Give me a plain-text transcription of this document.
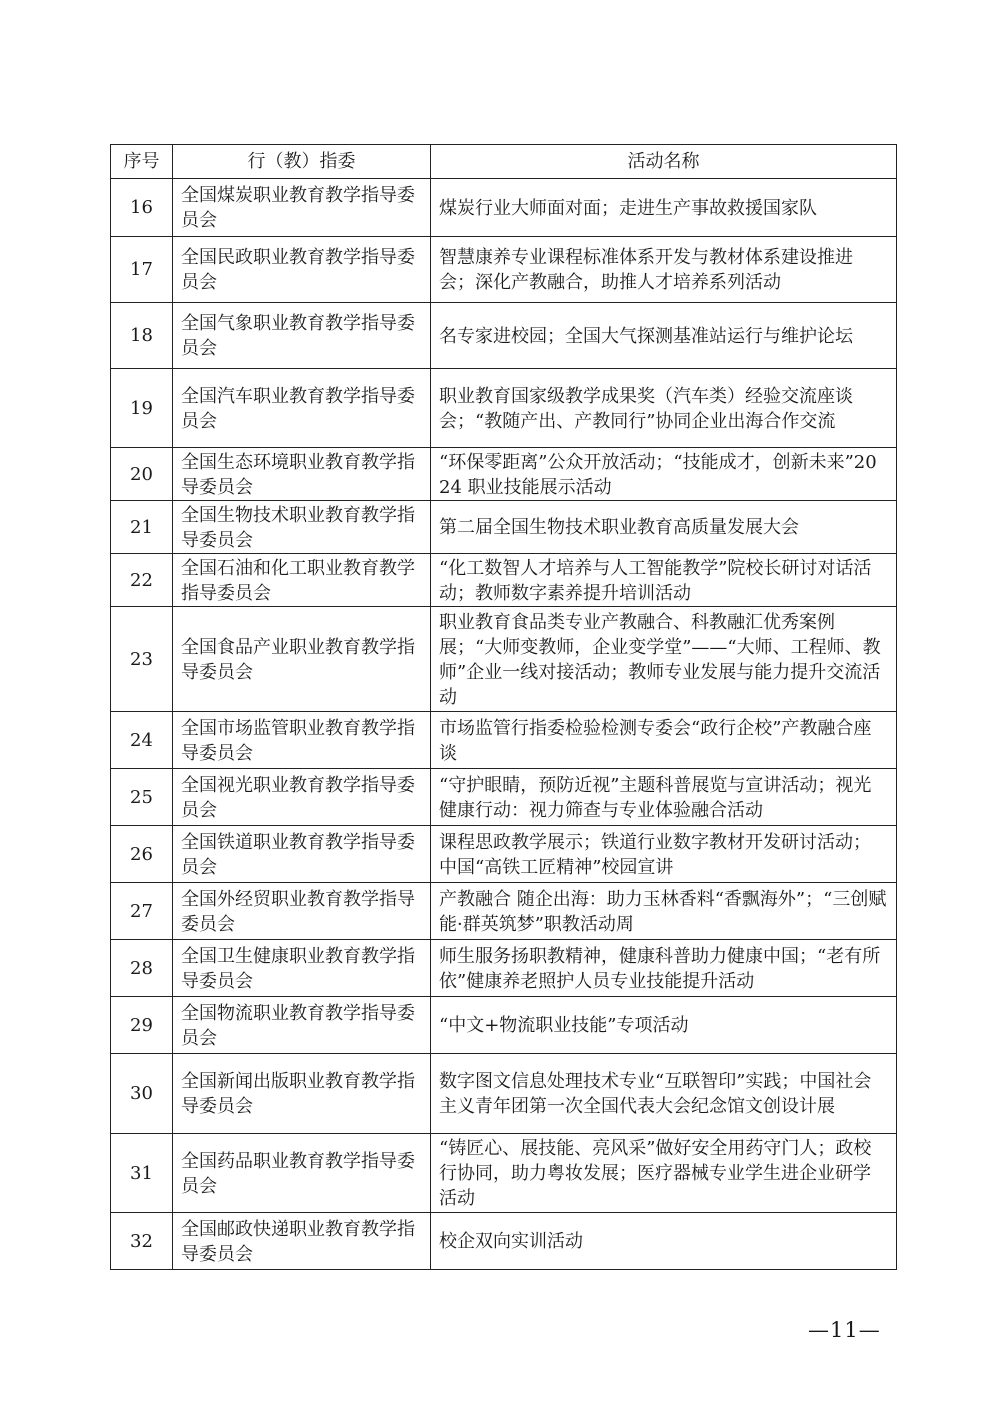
序号	行（教）指委	活动名称
16	全国煤炭职业教育教学指导委员会	煤炭行业大师面对面；走进生产事故救援国家队
17	全国民政职业教育教学指导委员会	智慧康养专业课程标准体系开发与教材体系建设推进会；深化产教融合，助推人才培养系列活动
18	全国气象职业教育教学指导委员会	名专家进校园；全国大气探测基准站运行与维护论坛
19	全国汽车职业教育教学指导委员会	职业教育国家级教学成果奖（汽车类）经验交流座谈会；“教随产出、产教同行”协同企业出海合作交流
20	全国生态环境职业教育教学指导委员会	“环保零距离”公众开放活动；“技能成才，创新未来”2024 职业技能展示活动
21	全国生物技术职业教育教学指导委员会	第二届全国生物技术职业教育高质量发展大会
22	全国石油和化工职业教育教学指导委员会	“化工数智人才培养与人工智能教学”院校长研讨对话活动；教师数字素养提升培训活动
23	全国食品产业职业教育教学指导委员会	职业教育食品类专业产教融合、科教融汇优秀案例展；“大师变教师，企业变学堂”——“大师、工程师、教师”企业一线对接活动；教师专业发展与能力提升交流活动
24	全国市场监管职业教育教学指导委员会	市场监管行指委检验检测专委会“政行企校”产教融合座谈
25	全国视光职业教育教学指导委员会	“守护眼睛，预防近视”主题科普展览与宣讲活动；视光健康行动：视力筛查与专业体验融合活动
26	全国铁道职业教育教学指导委员会	课程思政教学展示；铁道行业数字教材开发研讨活动；中国“高铁工匠精神”校园宣讲
27	全国外经贸职业教育教学指导委员会	产教融合 随企出海：助力玉林香料“香飘海外”；“三创赋能·群英筑梦”职教活动周
28	全国卫生健康职业教育教学指导委员会	师生服务扬职教精神，健康科普助力健康中国；“老有所依”健康养老照护人员专业技能提升活动
29	全国物流职业教育教学指导委员会	“中文+物流职业技能”专项活动
30	全国新闻出版职业教育教学指导委员会	数字图文信息处理技术专业“互联智印”实践；中国社会主义青年团第一次全国代表大会纪念馆文创设计展
31	全国药品职业教育教学指导委员会	“铸匠心、展技能、亮风采”做好安全用药守门人；政校行协同，助力粤妆发展；医疗器械专业学生进企业研学活动
32	全国邮政快递职业教育教学指导委员会	校企双向实训活动
—11—
